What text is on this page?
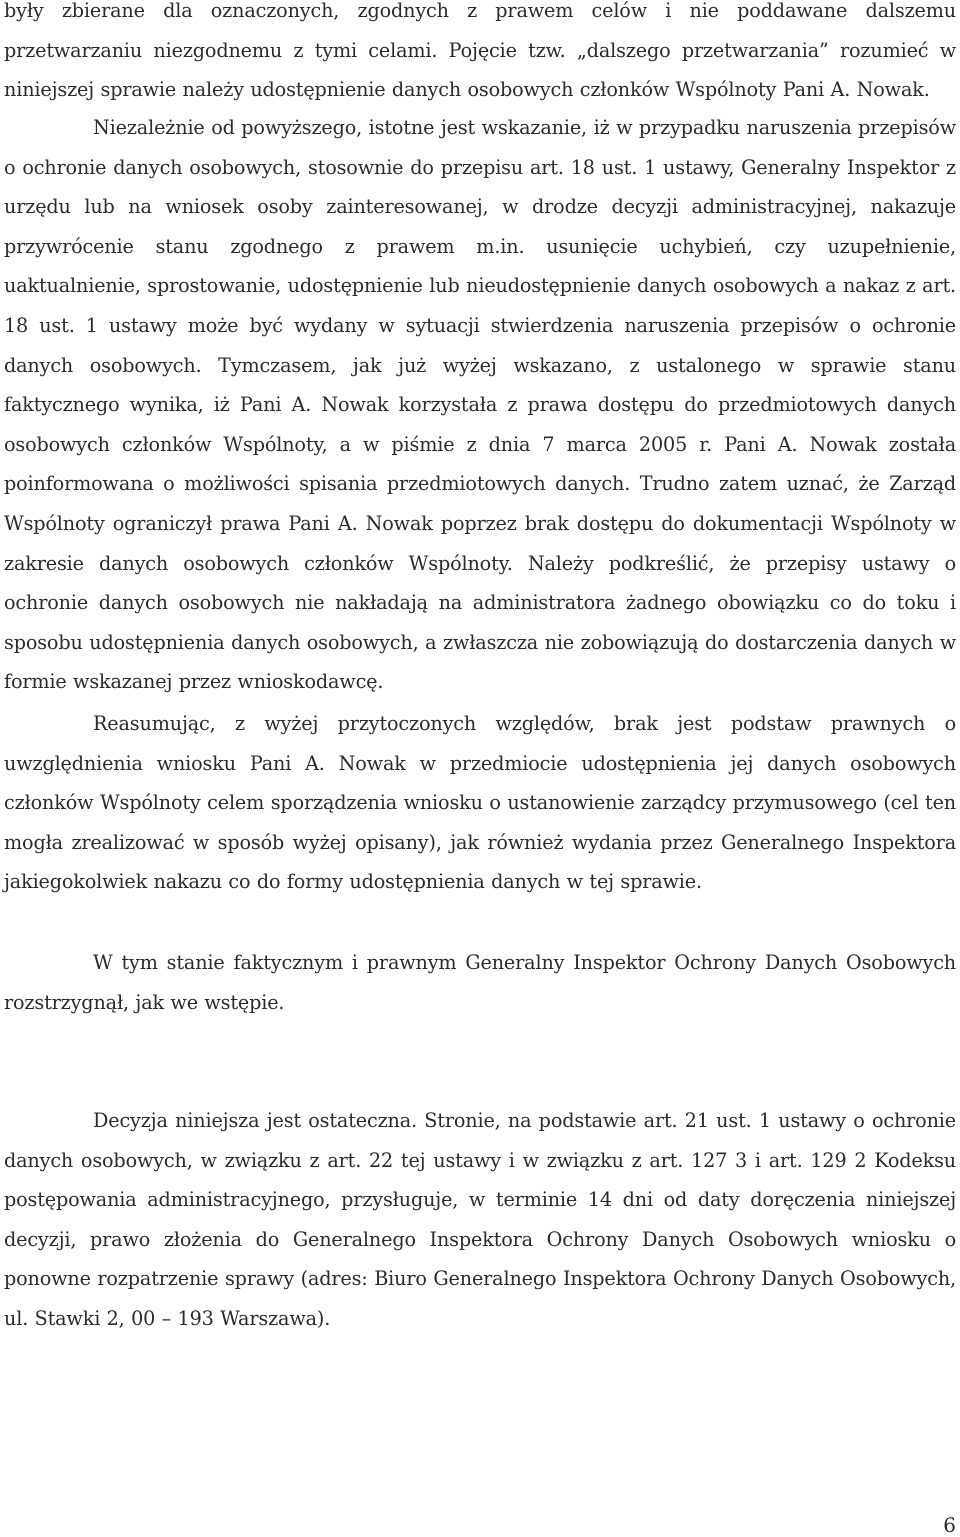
były zbierane dla oznaczonych, zgodnych z prawem celów i nie poddawane dalszemu przetwarzaniu niezgodnemu z tymi celami. Pojęcie tzw. „dalszego przetwarzania” rozumieć w niniejszej sprawie należy udostępnienie danych osobowych członków Wspólnoty Pani A. Nowak.

Niezależnie od powyższego, istotne jest wskazanie, iż w przypadku naruszenia przepisów o ochronie danych osobowych, stosownie do przepisu art. 18 ust. 1 ustawy, Generalny Inspektor z urzędu lub na wniosek osoby zainteresowanej, w drodze decyzji administracyjnej, nakazuje przywrócenie stanu zgodnego z prawem m.in. usunięcie uchybień, czy uzupełnienie, uaktualnienie, sprostowanie, udostępnienie lub nieudostępnienie danych osobowych a nakaz z art. 18 ust. 1 ustawy może być wydany w sytuacji stwierdzenia naruszenia przepisów o ochronie danych osobowych. Tymczasem, jak już wyżej wskazano, z ustalonego w sprawie stanu faktycznego wynika, iż Pani A. Nowak korzystała z prawa dostępu do przedmiotowych danych osobowych członków Wspólnoty, a w piśmie z dnia 7 marca 2005 r. Pani A. Nowak została poinformowana o możliwości spisania przedmiotowych danych. Trudno zatem uznać, że Zarząd Wspólnoty ograniczył prawa Pani A. Nowak poprzez brak dostępu do dokumentacji Wspólnoty w zakresie danych osobowych członków Wspólnoty. Należy podkreślić, że przepisy ustawy o ochronie danych osobowych nie nakładają na administratora żadnego obowiązku co do toku i sposobu udostępnienia danych osobowych, a zwłaszcza nie zobowiązują do dostarczenia danych w formie wskazanej przez wnioskodawcę.

Reasumując, z wyżej przytoczonych względów, brak jest podstaw prawnych o uwzględnienia wniosku Pani A. Nowak w przedmiocie udostępnienia jej danych osobowych członków Wspólnoty celem sporządzenia wniosku o ustanowienie zarządcy przymusowego (cel ten mogła zrealizować w sposób wyżej opisany), jak również wydania przez Generalnego Inspektora jakiegokolwiek nakazu co do formy udostępnienia danych w tej sprawie.

W tym stanie faktycznym i prawnym Generalny Inspektor Ochrony Danych Osobowych rozstrzygnął, jak we wstępie.

Decyzja niniejsza jest ostateczna. Stronie, na podstawie art. 21 ust. 1 ustawy o ochronie danych osobowych, w związku z art. 22 tej ustawy i w związku z art. 127 3 i art. 129 2 Kodeksu postępowania administracyjnego, przysługuje, w terminie 14 dni od daty doręczenia niniejszej decyzji, prawo złożenia do Generalnego Inspektora Ochrony Danych Osobowych wniosku o ponowne rozpatrzenie sprawy (adres: Biuro Generalnego Inspektora Ochrony Danych Osobowych, ul. Stawki 2, 00 – 193 Warszawa).

6
